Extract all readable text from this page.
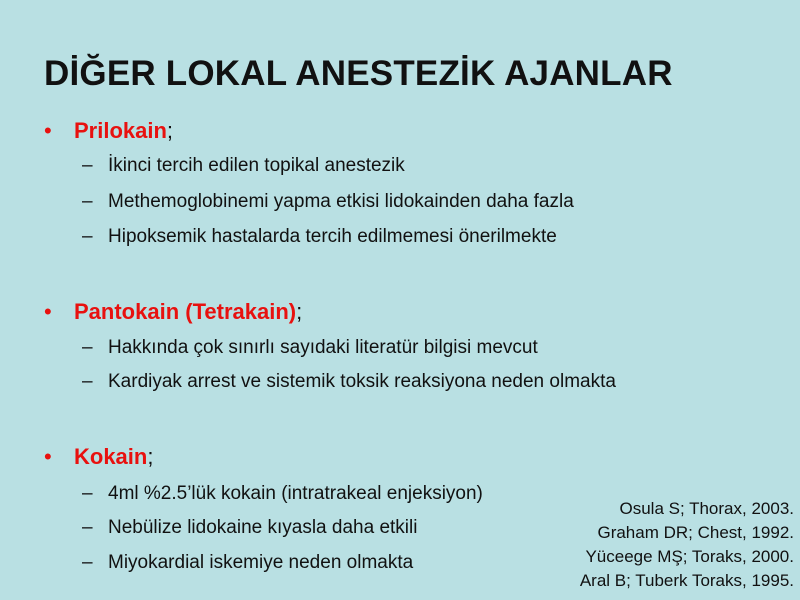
DİĞER LOKAL ANESTEZİK AJANLAR
• Prilokain;
– İkinci tercih edilen topikal anestezik
– Methemoglobinemi yapma etkisi lidokainden daha fazla
– Hipoksemik hastalarda tercih edilmemesi önerilmekte
• Pantokain (Tetrakain);
– Hakkında çok sınırlı sayıdaki literatür bilgisi mevcut
– Kardiyak arrest ve sistemik toksik reaksiyona neden olmakta
• Kokain;
– 4ml %2.5’lük kokain (intratrakeal enjeksiyon)
– Nebülize lidokaine kıyasla daha etkili
– Miyokardial iskemiye neden olmakta
Osula S; Thorax, 2003.
Graham DR; Chest, 1992.
Yüceege MŞ; Toraks, 2000.
Aral B; Tuberk Toraks, 1995.
